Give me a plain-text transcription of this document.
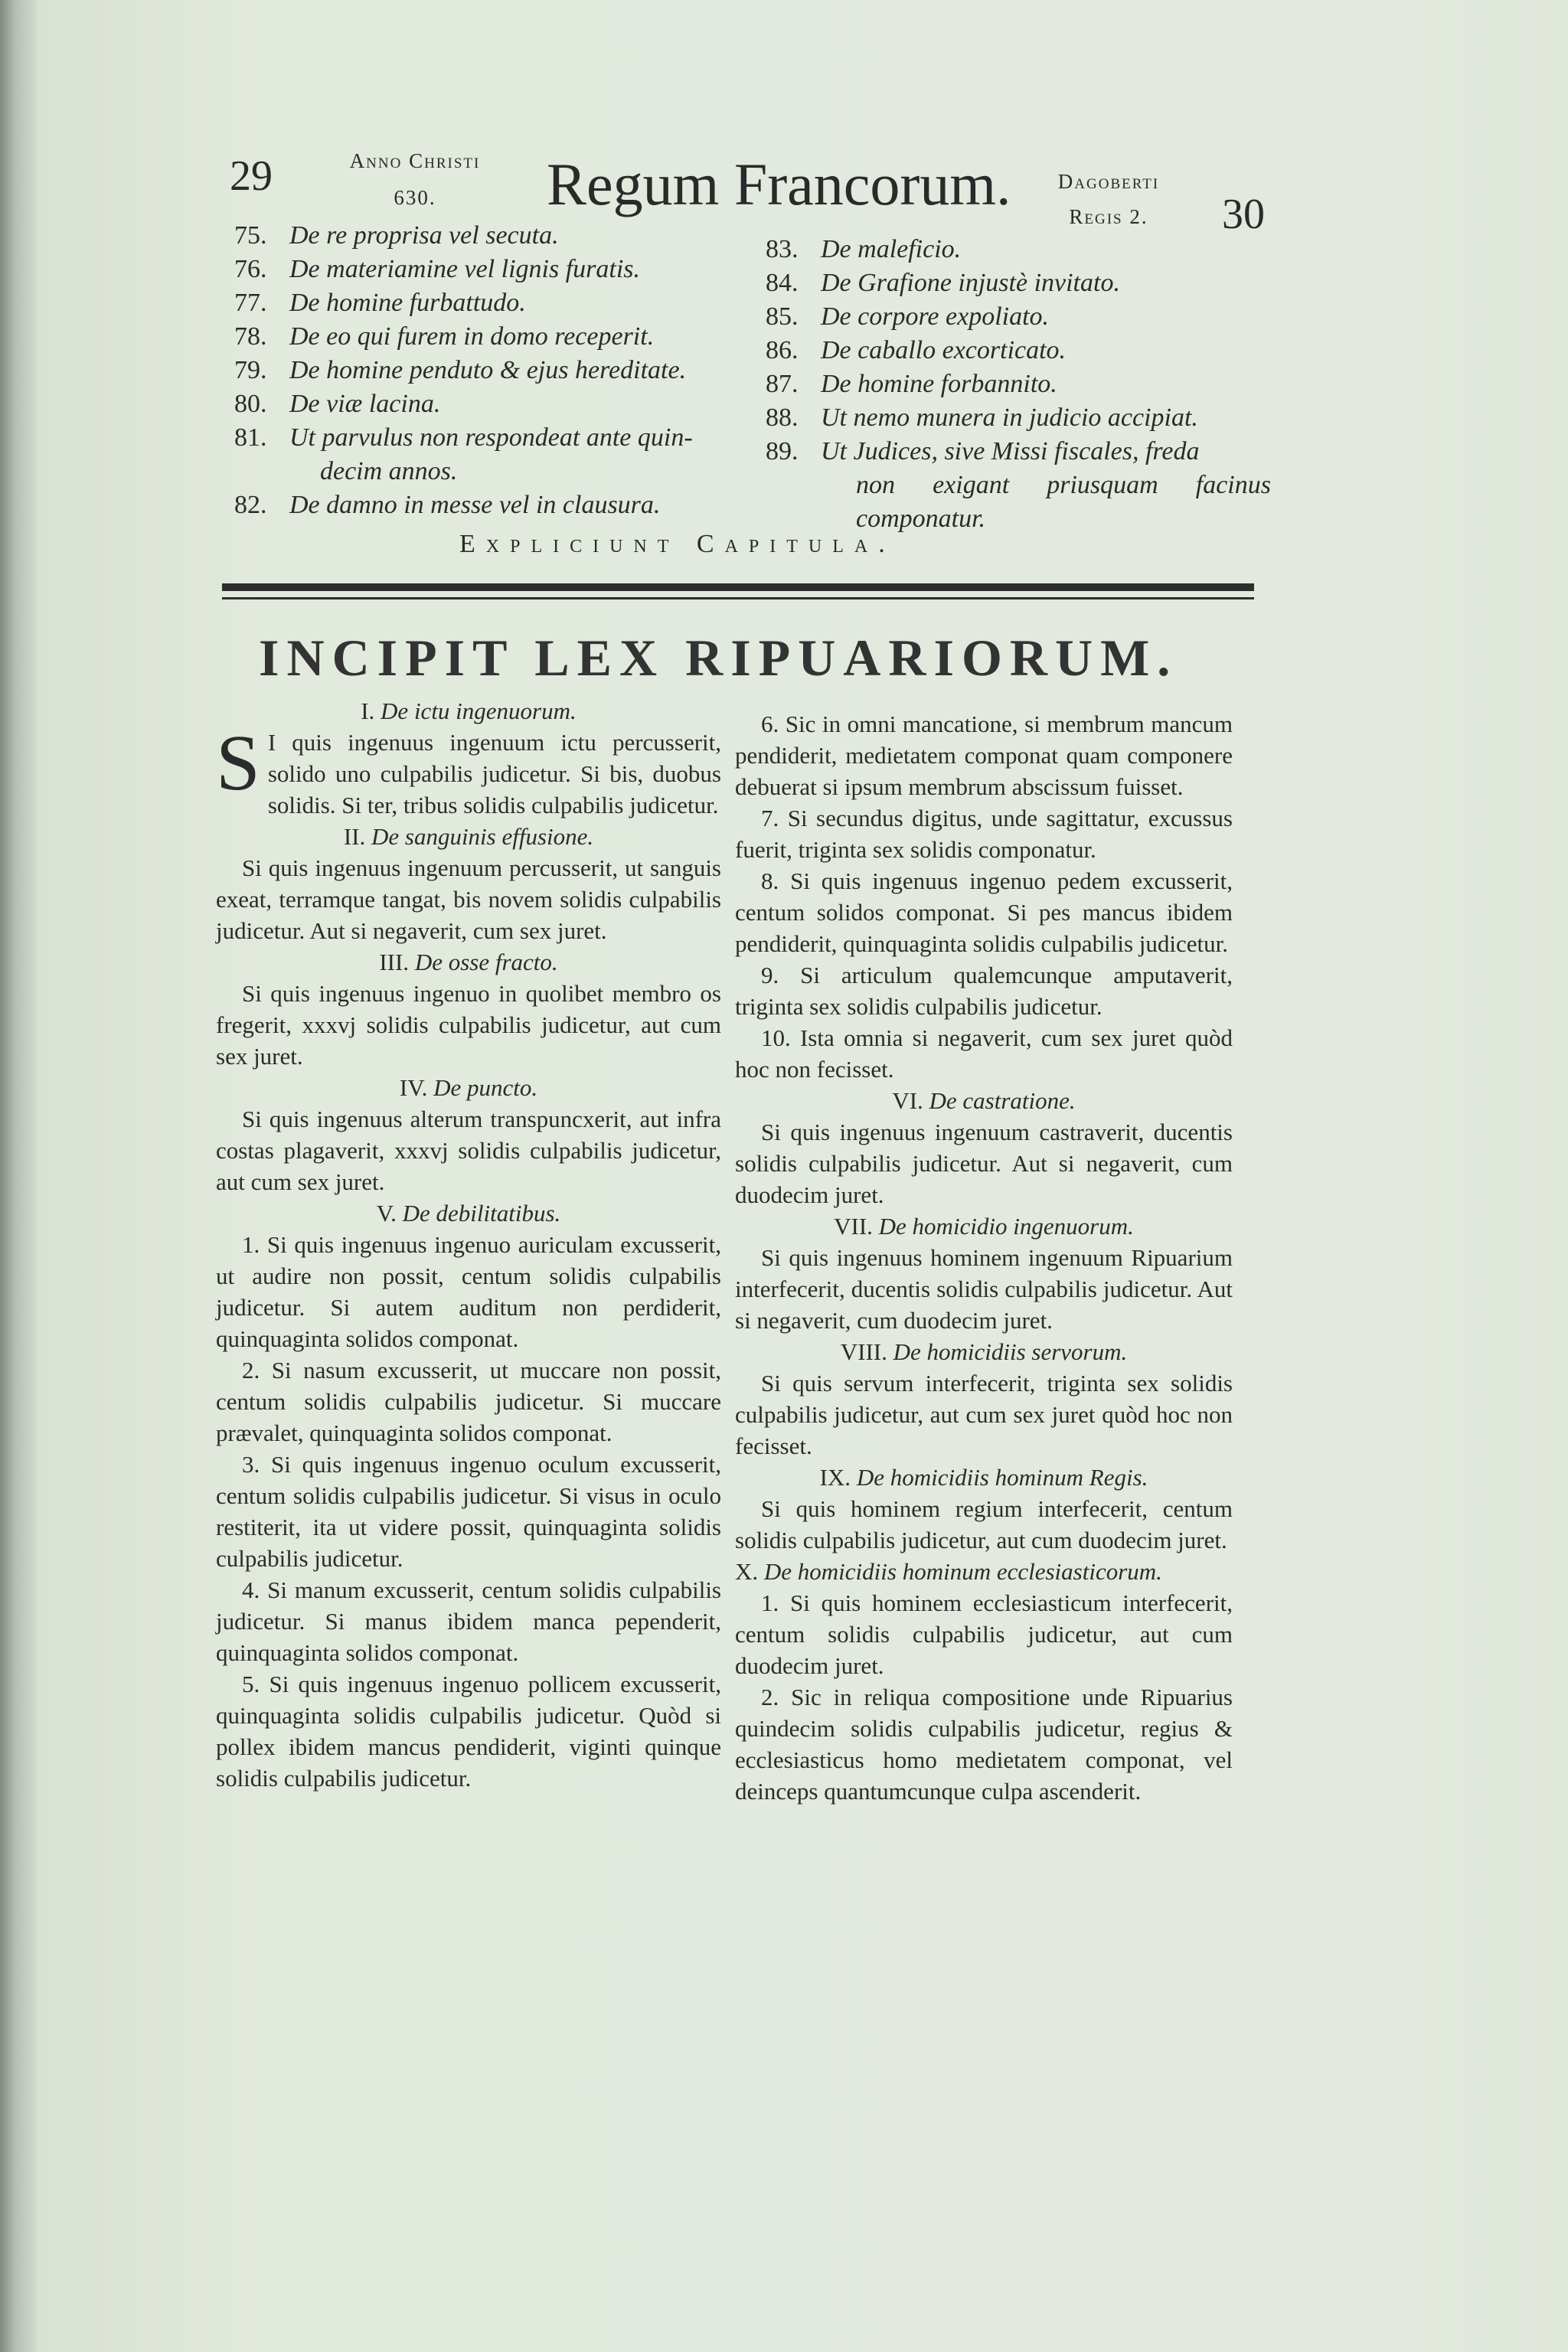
29	Anno Christi
630.	Regum Francorum.	Dagoberti
Regis 2.	30
75. De re proprisa vel secuta.
76. De materiamine vel lignis furatis.
77. De homine furbattudo.
78. De eo qui furem in domo receperit.
79. De homine penduto & ejus hereditate.
80. De viæ lacina.
81. Ut parvulus non respondeat ante quin-
decim annos.
82. De damno in messe vel in clausura.
83. De maleficio.
84. De Grafione injustè invitato.
85. De corpore expoliato.
86. De caballo excorticato.
87. De homine forbannito.
88. Ut nemo munera in judicio accipiat.
89. Ut Judices, sive Missi fiscales, freda
non exigant priusquam facinus componatur.
Expliciunt Capitula.
INCIPIT LEX RIPUARIORUM.

I. De ictu ingenuorum.

S I quis ingenuus ingenuum ictu percusserit, solido uno culpabilis judicetur. Si bis, duobus solidis. Si ter, tribus solidis culpabilis judicetur.

II. De sanguinis effusione.

Si quis ingenuus ingenuum percusserit, ut sanguis exeat, terramque tangat, bis novem solidis culpabilis judicetur. Aut si negaverit, cum sex juret.

III. De osse fracto.

Si quis ingenuus ingenuo in quolibet membro os fregerit, xxxvj solidis culpabilis judicetur, aut cum sex juret.

IV. De puncto.

Si quis ingenuus alterum transpuncxerit, aut infra costas plagaverit, xxxvj solidis culpabilis judicetur, aut cum sex juret.

V. De debilitatibus.

1. Si quis ingenuus ingenuo auriculam excusserit, ut audire non possit, centum solidis culpabilis judicetur. Si autem auditum non perdiderit, quinquaginta solidos componat.

2. Si nasum excusserit, ut muccare non possit, centum solidis culpabilis judicetur. Si muccare prævalet, quinquaginta solidos componat.

3. Si quis ingenuus ingenuo oculum excusserit, centum solidis culpabilis judicetur. Si visus in oculo restiterit, ita ut videre possit, quinquaginta solidis culpabilis judicetur.

4. Si manum excusserit, centum solidis culpabilis judicetur. Si manus ibidem manca pependerit, quinquaginta solidos componat.

5. Si quis ingenuus ingenuo pollicem excusserit, quinquaginta solidis culpabilis judicetur. Quòd si pollex ibidem mancus pendiderit, viginti quinque solidis culpabilis judicetur.

6. Sic in omni mancatione, si membrum mancum pendiderit, medietatem componat quam componere debuerat si ipsum membrum abscissum fuisset.

7. Si secundus digitus, unde sagittatur, excussus fuerit, triginta sex solidis componatur.

8. Si quis ingenuus ingenuo pedem excusserit, centum solidos componat. Si pes mancus ibidem pendiderit, quinquaginta solidis culpabilis judicetur.

9. Si articulum qualemcunque amputaverit, triginta sex solidis culpabilis judicetur.

10. Ista omnia si negaverit, cum sex juret quòd hoc non fecisset.

VI. De castratione.

Si quis ingenuus ingenuum castraverit, ducentis solidis culpabilis judicetur. Aut si negaverit, cum duodecim juret.

VII. De homicidio ingenuorum.

Si quis ingenuus hominem ingenuum Ripuarium interfecerit, ducentis solidis culpabilis judicetur. Aut si negaverit, cum duodecim juret.

VIII. De homicidiis servorum.

Si quis servum interfecerit, triginta sex solidis culpabilis judicetur, aut cum sex juret quòd hoc non fecisset.

IX. De homicidiis hominum Regis.

Si quis hominem regium interfecerit, centum solidis culpabilis judicetur, aut cum duodecim juret.

X. De homicidiis hominum ecclesiasticorum.

1. Si quis hominem ecclesiasticum interfecerit, centum solidis culpabilis judicetur, aut cum duodecim juret.

2. Sic in reliqua compositione unde Ripuarius quindecim solidis culpabilis judicetur, regius & ecclesiasticus homo medietatem componat, vel deinceps quantumcunque culpa ascenderit.
